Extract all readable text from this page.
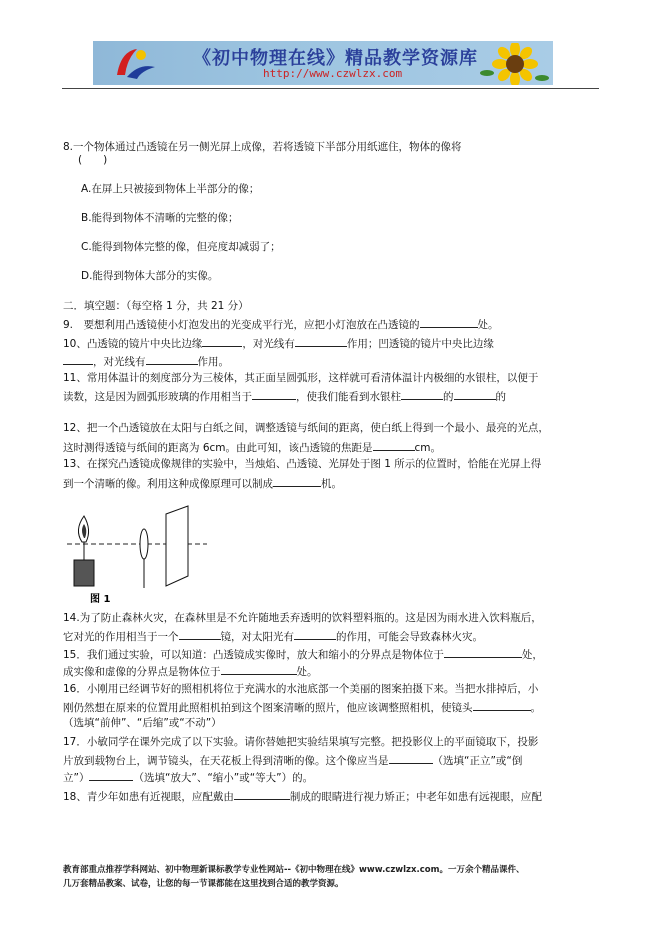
《初中物理在线》精品教学资源库
http://www.czwlzx.com
8.一个物体通过凸透镜在另一侧光屏上成像，若将透镜下半部分用纸遮住，物体的像将
(　　)
A.在屏上只被接到物体上半部分的像；
B.能得到物体不清晰的完整的像；
C.能得到物体完整的像，但亮度却减弱了；
D.能得到物体大部分的实像。
二．填空题：（每空格 1 分，共 21 分）
9.　要想利用凸透镜使小灯泡发出的光变成平行光，应把小灯泡放在凸透镜的	处。
10、凸透镜的镜片中央比边缘	，对光线有	作用；凹透镜的镜片中央比边缘
，对光线有	作用。
11、常用体温计的刻度部分为三棱体，其正面呈圆弧形，这样就可看清体温计内极细的水银柱，以便于
读数，这是因为圆弧形玻璃的作用相当于	，使我们能看到水银柱	的	的
12、把一个凸透镜放在太阳与白纸之间，调整透镜与纸间的距离，使白纸上得到一个最小、最亮的光点，
这时测得透镜与纸间的距离为 6cm。由此可知，该凸透镜的焦距是	cm。
13、在探究凸透镜成像规律的实验中，当烛焰、凸透镜、光屏处于图 1 所示的位置时，恰能在光屏上得
到一个清晰的像。利用这种成像原理可以制成	机。
图 1
14.为了防止森林火灾，在森林里是不允许随地丢弃透明的饮料塑料瓶的。这是因为雨水进入饮料瓶后，
它对光的作用相当于一个	镜，对太阳光有	的作用，可能会导致森林火灾。
15．我们通过实验，可以知道：凸透镜成实像时，放大和缩小的分界点是物体位于	处，
成实像和虚像的分界点是物体位于	处。
16．小刚用已经调节好的照相机将位于充满水的水池底部一个美丽的图案拍摄下来。当把水排掉后，小
刚仍然想在原来的位置用此照相机拍到这个图案清晰的照片，他应该调整照相机，使镜头	。
（选填“前伸”、“后缩”或“不动”）
17．小敏同学在课外完成了以下实验。请你替她把实验结果填写完整。把投影仪上的平面镜取下，投影
片放到载物台上，调节镜头，在天花板上得到清晰的像。这个像应当是	（选填“正立”或“倒
立”）	（选填“放大”、“缩小”或“等大”）的。
18、青少年如患有近视眼，应配戴由	制成的眼睛进行视力矫正；中老年如患有远视眼，应配
教育部重点推荐学科网站、初中物理新课标教学专业性网站--《初中物理在线》www.czwlzx.com。一万余个精品课件、
几万套精品教案、试卷，让您的每一节课都能在这里找到合适的教学资源。
